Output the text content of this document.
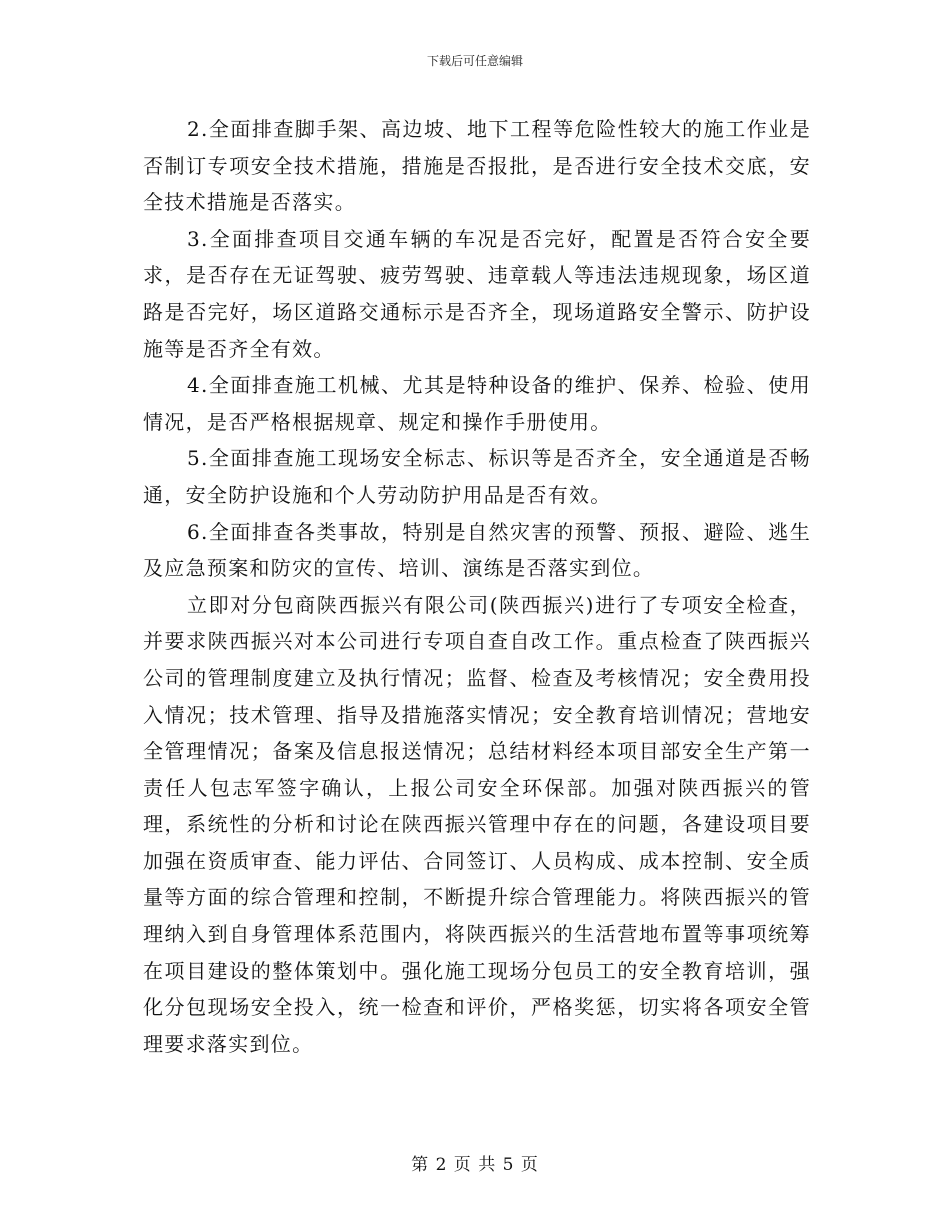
下载后可任意编辑

2.全面排查脚手架、高边坡、地下工程等危险性较大的施工作业是否制订专项安全技术措施，措施是否报批，是否进行安全技术交底，安全技术措施是否落实。

3.全面排查项目交通车辆的车况是否完好，配置是否符合安全要求，是否存在无证驾驶、疲劳驾驶、违章载人等违法违规现象，场区道路是否完好，场区道路交通标示是否齐全，现场道路安全警示、防护设施等是否齐全有效。

4.全面排查施工机械、尤其是特种设备的维护、保养、检验、使用情况，是否严格根据规章、规定和操作手册使用。

5.全面排查施工现场安全标志、标识等是否齐全，安全通道是否畅通，安全防护设施和个人劳动防护用品是否有效。

6.全面排查各类事故，特别是自然灾害的预警、预报、避险、逃生及应急预案和防灾的宣传、培训、演练是否落实到位。

立即对分包商陕西振兴有限公司(陕西振兴)进行了专项安全检查，并要求陕西振兴对本公司进行专项自查自改工作。重点检查了陕西振兴公司的管理制度建立及执行情况；监督、检查及考核情况；安全费用投入情况；技术管理、指导及措施落实情况；安全教育培训情况；营地安全管理情况；备案及信息报送情况；总结材料经本项目部安全生产第一责任人包志军签字确认，上报公司安全环保部。加强对陕西振兴的管理，系统性的分析和讨论在陕西振兴管理中存在的问题，各建设项目要加强在资质审查、能力评估、合同签订、人员构成、成本控制、安全质量等方面的综合管理和控制，不断提升综合管理能力。将陕西振兴的管理纳入到自身管理体系范围内，将陕西振兴的生活营地布置等事项统筹在项目建设的整体策划中。强化施工现场分包员工的安全教育培训，强化分包现场安全投入，统一检查和评价，严格奖惩，切实将各项安全管理要求落实到位。

第 2 页 共 5 页
